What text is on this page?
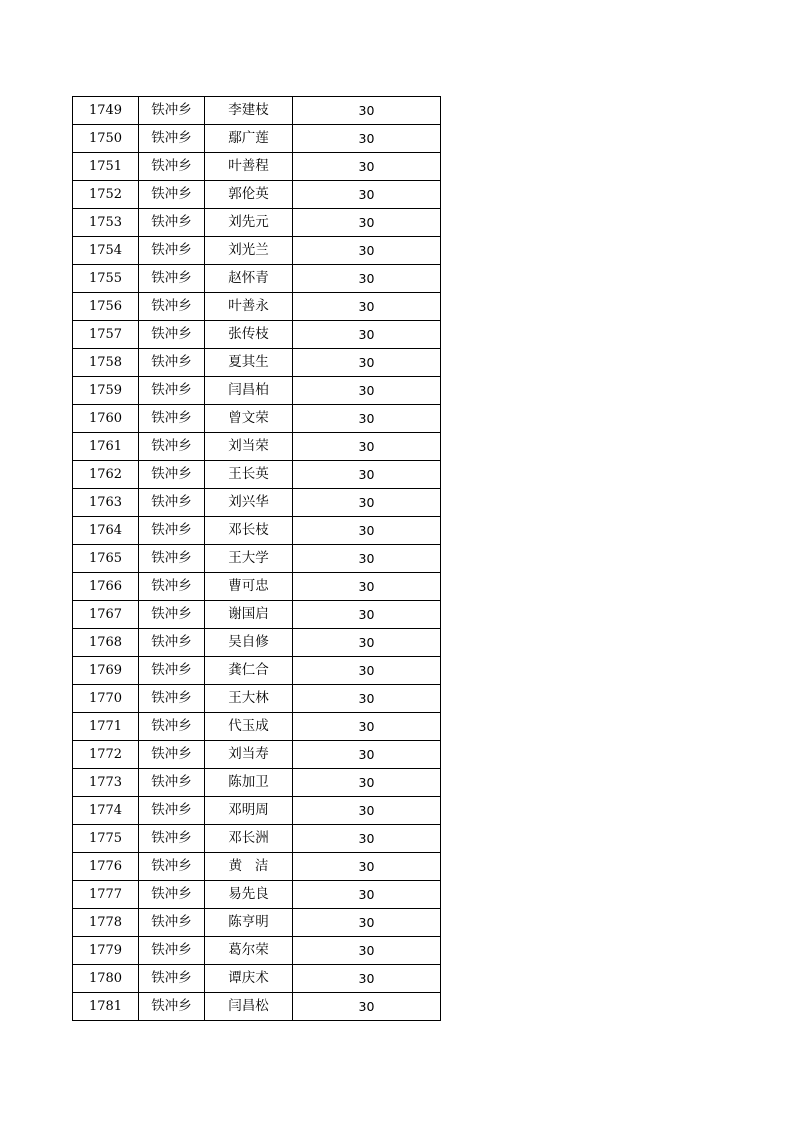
1749	铁冲乡	李建枝	30
1750	铁冲乡	鄢广莲	30
1751	铁冲乡	叶善程	30
1752	铁冲乡	郭伦英	30
1753	铁冲乡	刘先元	30
1754	铁冲乡	刘光兰	30
1755	铁冲乡	赵怀青	30
1756	铁冲乡	叶善永	30
1757	铁冲乡	张传枝	30
1758	铁冲乡	夏其生	30
1759	铁冲乡	闫昌柏	30
1760	铁冲乡	曾文荣	30
1761	铁冲乡	刘当荣	30
1762	铁冲乡	王长英	30
1763	铁冲乡	刘兴华	30
1764	铁冲乡	邓长枝	30
1765	铁冲乡	王大学	30
1766	铁冲乡	曹可忠	30
1767	铁冲乡	谢国启	30
1768	铁冲乡	吴自修	30
1769	铁冲乡	龚仁合	30
1770	铁冲乡	王大林	30
1771	铁冲乡	代玉成	30
1772	铁冲乡	刘当寿	30
1773	铁冲乡	陈加卫	30
1774	铁冲乡	邓明周	30
1775	铁冲乡	邓长洲	30
1776	铁冲乡	黄   洁	30
1777	铁冲乡	易先良	30
1778	铁冲乡	陈亨明	30
1779	铁冲乡	葛尔荣	30
1780	铁冲乡	谭庆术	30
1781	铁冲乡	闫昌松	30
